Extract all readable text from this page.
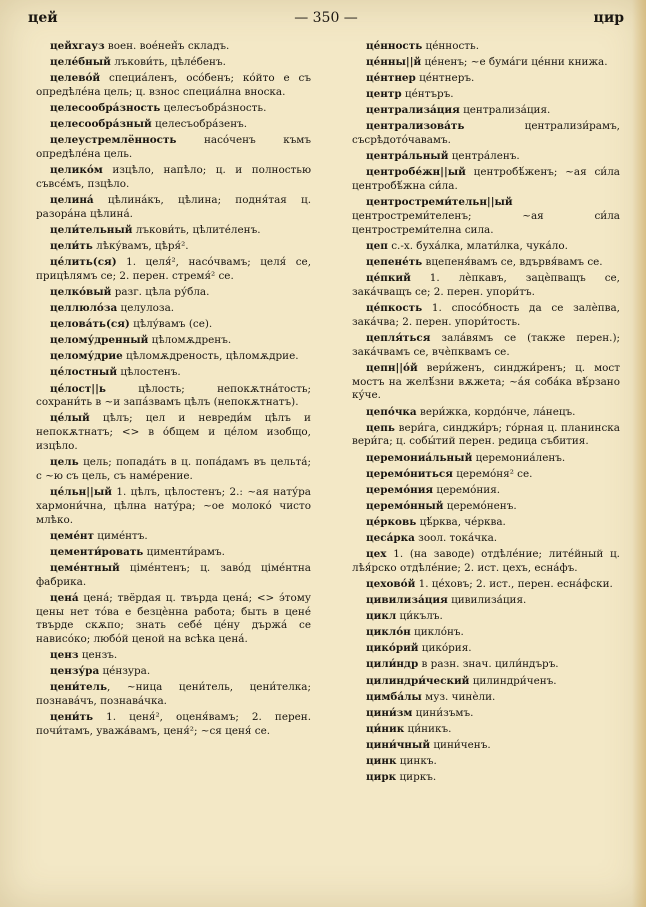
цей	— 350 —	цир

цейхгауз воен. вое́нен̌ъ складъ.

целе́бный лъкови́ть, цѣле́бенъ.

целево́й специа́ленъ, осо́бенъ; ко́йто е съ опредѣле́на цель; ц. взнос специа́лна вноска.

целесообра́зность целесъобра́зность.

целесообра́зный целесъобра́зенъ.

целеустремлённость насо́ченъ къмъ опредѣле́на цель.

целико́м изцѣло, напѣло; ц. и полностью съвсе́мъ, пзцѣло.

целина́ цѣлина́къ, цѣлина; подня́тая ц. разора́на цѣлина́.

цели́тельный лъкови́ть, цѣлите́ленъ.

цели́ть лѣку́вамъ, цѣря́².

це́лить(ся) 1. целя́², насо́чвамъ; целя́ се, прицѣлямъ се; 2. перен. стремя́² се.

целко́вый разг. цѣла ру́бла.

целлюло́за целулоза.

целова́ть(ся) цѣлу́вамъ (се).

целому́дренный цѣломѫдренъ.

целому́дрие цѣломѫдреность, цѣломѫдрие.

це́лостный цѣлостенъ.

це́лост||ь цѣлость; непокѫтна́тость; сохрани́ть в ~и запа́звамъ цѣлъ (непокѫтнатъ).

це́лый цѣлъ; цел и невреди́м цѣлъ и непокѫтнатъ; <> в о́бщем и це́лом изобщо, изцѣло.

цель цель; попада́ть в ц. попа́дамъ въ цельта́; с ~ю съ цель, съ наме́рение.

це́льн||ый 1. цѣлъ, цѣлостенъ; 2.: ~ая нату́ра хармони́чна, цѣлна нату́ра; ~ое молоко́ чисто млѣко.

цеме́нт циме́нтъ.

цементи́ровать цименти́рамъ.

цеме́нтный ціме́нтенъ; ц. заво́д ціме́нтна фабрика.

цена́ цена́; твёрдая ц. твърда цена́; <> э́тому цены нет то́ва е безцѐнна работа; быть в цене́ твърде скѫпо; знать себе́ це́ну държа́ се нависо́ко; любо́й ценой на всѣка цена́.

ценз цензъ.

цензу́ра це́нзура.

цени́тель, ~ница цени́тель, цени́телка; познава́чъ, познава́чка.

цени́ть 1. ценя́², оценя́вамъ; 2. перен. почи́тамъ, уважа́вамъ, ценя́²; ~ся ценя́ се.

це́нность це́нность.

це́нны||й це́ненъ; ~е бума́ги це́нни книжа.

це́нтнер це́нтнеръ.

центр це́нтъръ.

централиза́ция централиза́ция.

централизова́ть централизи́рамъ, съсрѣдото́чавамъ.

центра́льный центра́ленъ.

центробе́жн||ый центробѣ́женъ; ~ая си́ла центробѣ́жна си́ла.

центростреми́тельн||ый центростреми́теленъ; ~ая си́ла центростреми́телна сила.

цеп с.-х. буха́лка, млати́лка, чука́ло.

цепене́ть вцепеня́вамъ се, вдървя́вамъ се.

це́пкий 1. лѐпкавъ, зацѐпващъ се, зака́чващъ се; 2. перен. упори́тъ.

це́пкость 1. спосо́бность да се залѐпва, зака́чва; 2. перен. упори́тость.

цепля́ться зала́вямъ се (также перен.); зака́чвамъ се, вчѐпквамъ се.

цепн||о́й вери́женъ, синджи́ренъ; ц. мост мостъ на желѣ́зни вѫжета; ~а́я соба́ка вѣ́рзано ку́че.

цепо́чка вери́жка, кордо́нче, ла́нецъ.

цепь вери́га, синджи́ръ; го́рная ц. планинска вери́га; ц. собы́тий перен. редица събития.

церемониа́льный церемониа́ленъ.

церемо́ниться церемо́ня² се.

церемо́ния церемо́ния.

церемо́нный церемо́ненъ.

це́рковь цѣ́рква, че́рква.

цеса́рка зоол. тока́чка.

цех 1. (на заводе) отдѣле́ние; лите́йный ц. лѣя́рско отдѣле́ние; 2. ист. цехъ, есна́фъ.

цехово́й 1. це́ховъ; 2. ист., перен. есна́фски.

цивилиза́ция цивилиза́ция.

цикл ци́кълъ.

цикло́н цикло́нъ.

цико́рий цико́рия.

цили́ндр в разн. знач. цили́ндъръ.

цилиндри́ческий цилиндри́ченъ.

цимба́лы муз. чинѐли.

цини́зм цини́зъмъ.

ци́ник ци́никъ.

цини́чный цини́ченъ.

цинк цинкъ.

цирк циркъ.
